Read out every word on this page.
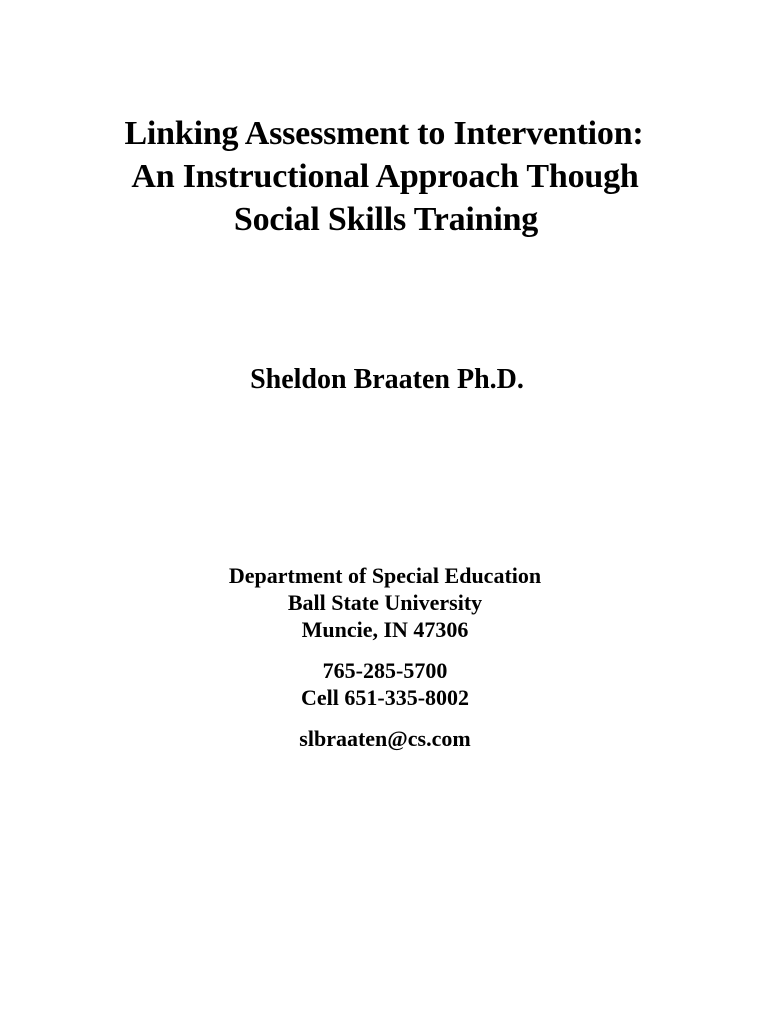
Linking Assessment to Intervention:
An Instructional Approach Though
Social Skills Training
Sheldon Braaten Ph.D.
Department of Special Education
Ball State University
Muncie, IN 47306
765-285-5700
Cell 651-335-8002
slbraaten@cs.com
